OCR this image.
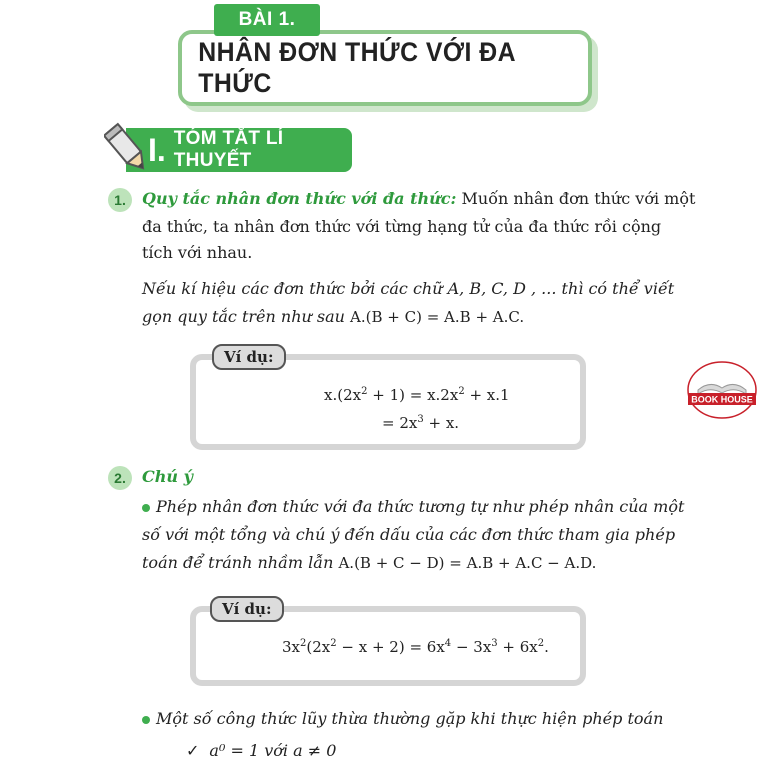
NHÂN ĐƠN THỨC VỚI ĐA THỨC
BÀI 1.
I. TÓM TẮT LÍ THUYẾT
1.	Quy tắc nhân đơn thức với đa thức: Muốn nhân đơn thức với một
đa thức, ta nhân đơn thức với từng hạng tử của đa thức rồi cộng
tích với nhau.
Nếu kí hiệu các đơn thức bởi các chữ A, B, C, D , ... thì có thể viết
gọn quy tắc trên như sau A.(B + C) = A.B + A.C.
Ví dụ:
$x.(2x^2 + 1) = x.2x^2 + x.1$
= $2x^3 + x$.
BOOK HOUSE
2.	Chú ý
Phép nhân đơn thức với đa thức tương tự như phép nhân của một
số với một tổng và chú ý đến dấu của các đơn thức tham gia phép
toán để tránh nhầm lẫn A.(B + C − D) = A.B + A.C − A.D.
Ví dụ:
$3x^2(2x^2 - x + 2) = 6x^4 - 3x^3 + 6x^2$.
Một số công thức lũy thừa thường gặp khi thực hiện phép toán
✓ a⁰ = 1 với a ≠ 0
